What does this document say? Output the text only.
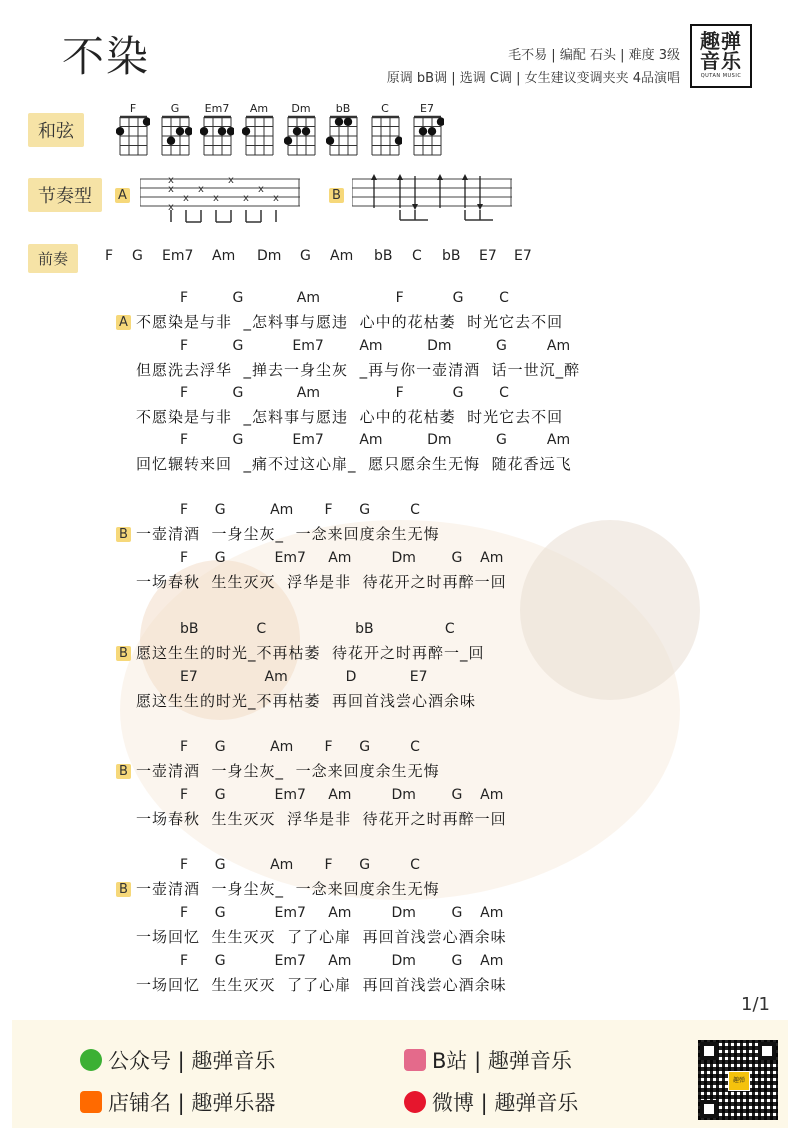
不染	毛不易 | 编配 石头 | 难度 3级
原调 bB调 | 选调 C调 | 女生建议变调夹夹 4品演唱
趣弹
音乐
QUTAN MUSIC
和弦
节奏型
前奏
F	G	Em7	Am	Dm	bB	C	E7
A
x
x
x
x
x
x
x
x
x
x	B
F G Em7 Am Dm G Am bB C bB E7 E7
A
F          G            Am                 F           G        C
不愿染是与非  _怎料事与愿违  心中的花枯萎  时光它去不回
F          G           Em7        Am          Dm          G         Am
但愿洗去浮华  _掸去一身尘灰  _再与你一壶清酒  话一世沉_醉
F          G            Am                 F           G        C
不愿染是与非  _怎料事与愿违  心中的花枯萎  时光它去不回
F          G           Em7        Am          Dm          G         Am
回忆辗转来回  _痛不过这心扉_  愿只愿余生无悔  随花香远飞
B
F      G          Am       F      G         C
一壶清酒  一身尘灰_  一念来回度余生无悔
F      G           Em7     Am         Dm        G    Am
一场春秋  生生灭灭  浮华是非  待花开之时再醉一回
B
bB             C                    bB                C
愿这生生的时光_不再枯萎  待花开之时再醉一_回
E7               Am             D            E7
愿这生生的时光_不再枯萎  再回首浅尝心酒余味
B
F      G          Am       F      G         C
一壶清酒  一身尘灰_  一念来回度余生无悔
F      G           Em7     Am         Dm        G    Am
一场春秋  生生灭灭  浮华是非  待花开之时再醉一回
B
F      G          Am       F      G         C
一壶清酒  一身尘灰_  一念来回度余生无悔
F      G           Em7     Am         Dm        G    Am
一场回忆  生生灭灭  了了心扉  再回首浅尝心酒余味
F      G           Em7     Am         Dm        G    Am
一场回忆  生生灭灭  了了心扉  再回首浅尝心酒余味
1/1
公众号 | 趣弹音乐
店铺名 | 趣弹乐器
B站 | 趣弹音乐
微博 | 趣弹音乐
趣弹
